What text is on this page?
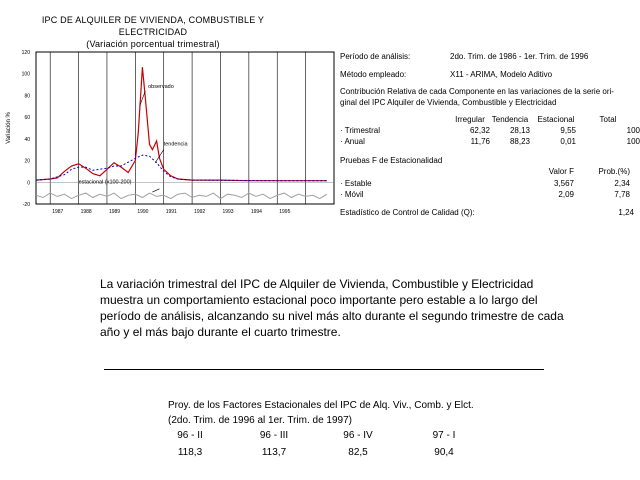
IPC DE ALQUILER DE VIVIENDA, COMBUSTIBLE Y ELECTRICIDAD
(Variación porcentual trimestral)
120
100
80
60
40
20
0
-20
1987	1988	1989	1990	1991	1992	1993	1994	1995
Variación %
observado
tendencia
estacional (x100-200)
Período de análisis:	2do. Trim. de 1986 - 1er. Trim. de 1996
Método empleado:	X11 - ARIMA, Modelo Aditivo
Contribución Relativa de cada Componente en las variaciones de la serie ori-
ginal del IPC Alquiler de Vivienda, Combustible y Electricidad
Pruebas F de Estacionalidad
Estadístico de Control de Calidad (Q):	1,24
La variación trimestral del IPC de Alquiler de Vivienda, Combustible y Electricidad muestra un comportamiento estacional poco importante pero estable a lo largo del período de análisis, alcanzando su nivel más alto durante el segundo trimestre de cada año y el más bajo durante el cuarto trimestre.
Proy. de los Factores Estacionales del IPC de Alq. Viv., Comb. y Elct.
(2do. Trim. de 1996 al 1er. Trim. de 1997)
Irregular Tendencia	Estacional	Total
· Trimestral	62,32	28,13	9,55	100
· Anual	11,76	88,23	0,01	100
Valor F	Prob.(%)
· Estable	3,567	2,34
· Móvil	2,09	7,78
96 - II	96 - III	96 - IV	97 - I
118,3	113,7	82,5	90,4
